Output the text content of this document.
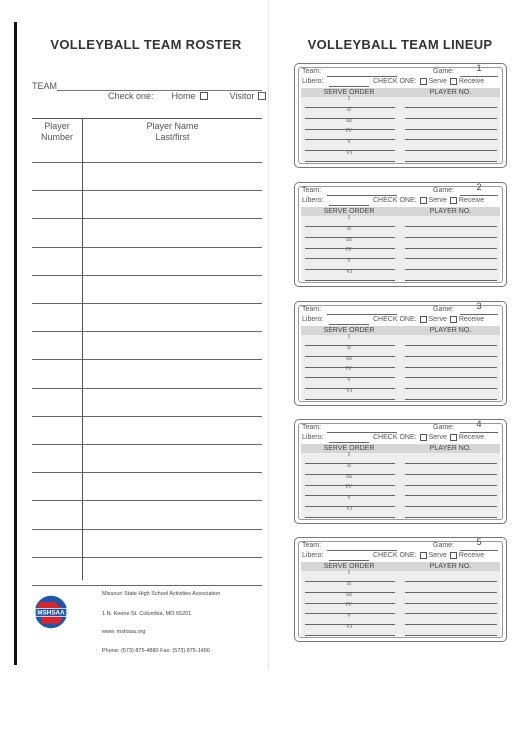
VOLLEYBALL TEAM ROSTER
TEAM
Check one: Home	Visitor
Player
Number
Player Name
Last/first
MSHSAA
Missouri State High School Activities Association
1 N. Keene St. Columbia, MO 65201
www. mshsaa.org
Phone: (573) 875-4880 Fax: (573) 875-1450
VOLLEYBALL TEAM LINEUP
Team:	Game:	1
Libero:	CHECK ONE: Serve Receive
SERVE ORDER	PLAYER NO.
I
II
III
IV
V
VI
Team:	Game:	2
Libero:	CHECK ONE: Serve Receive
SERVE ORDER	PLAYER NO.
I
II
III
IV
V
VI
Team:	Game:	3
Libero:	CHECK ONE: Serve Receive
SERVE ORDER	PLAYER NO.
I
II
III
IV
V
VI
Team:	Game:	4
Libero:	CHECK ONE: Serve Receive
SERVE ORDER	PLAYER NO.
I
II
III
IV
V
VI
Team:	Game:	5
Libero:	CHECK ONE: Serve Receive
SERVE ORDER	PLAYER NO.
I
II
III
IV
V
VI
